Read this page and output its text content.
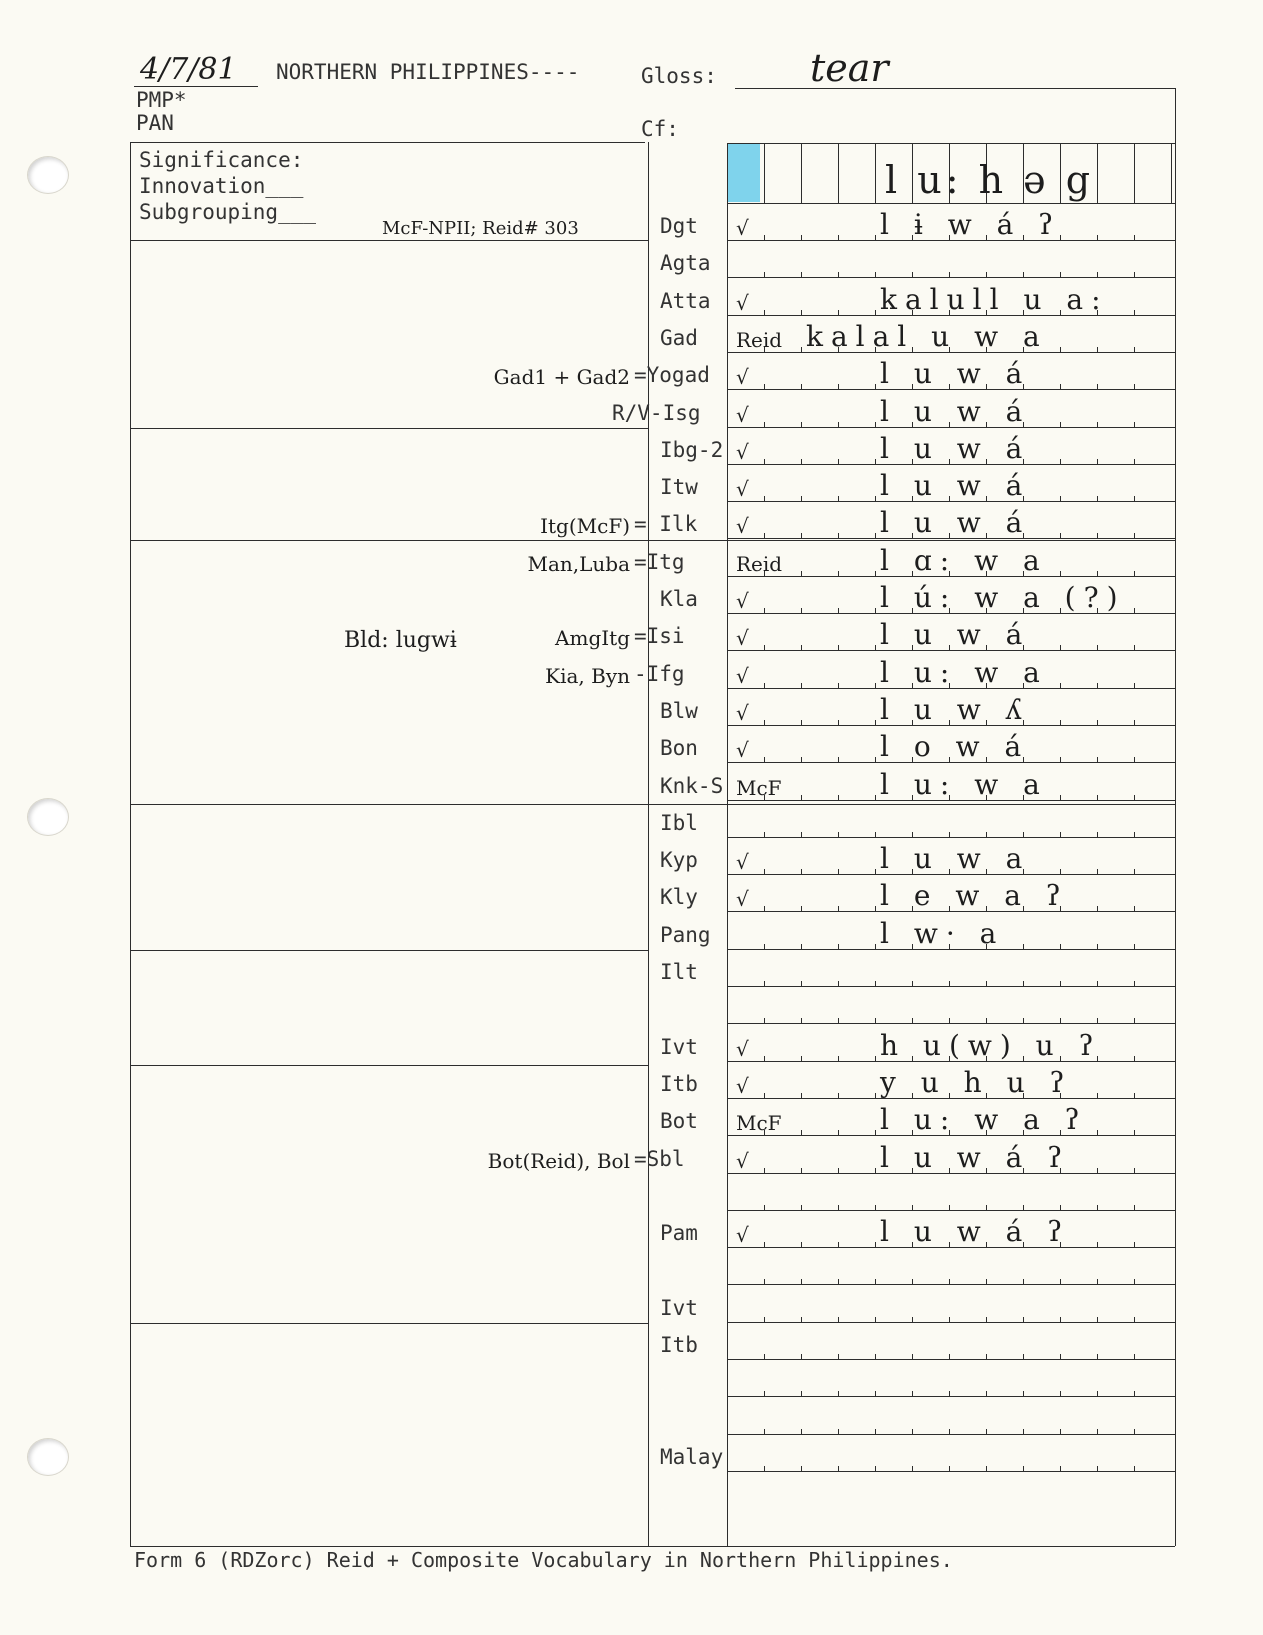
4/7/81 NORTHERN PHILIPPINES----	Gloss: tear
PMP*
PAN	Cf:
Significance:
Innovation___
Subgrouping___
McF-NPII; Reid# 303
l u: h ə g
Dgt √	l ɨ w á ʔ
Agta
Atta √	kalull u a:
Gad Reid kalal u w a
=Yogad √	l u w á
Gad1 + Gad2
R/V-Isg √	l u w á
Ibg-2 √	l u w á
Itw √	l u w á
= Ilk √	l u w á
Itg(McF)
=Itg	Reid	l ɑ: w a
Man,Luba
Kla √	l ú: w a (?)
=Isi	√	l u w á
AmgItg
-Ifg	√	l u: w a
Kia, Byn
Blw √	l u w ʎ
Bon √	l o w á
Knk-S McF	l u: w a
Ibl
Kyp √	l u w a
Kly √	l e w a ʔ
Pang	l w· a
Ilt
Ivt √	h u(w) u ʔ
Itb √	y u h u ʔ
Bot McF	l u: w a ʔ
=Sbl	√	l u w á ʔ
Bot(Reid), Bol
Pam √	l u w á ʔ
Ivt
Itb
Malay
Bld: lugwɨ
Form 6 (RDZorc) Reid + Composite Vocabulary in Northern Philippines.
